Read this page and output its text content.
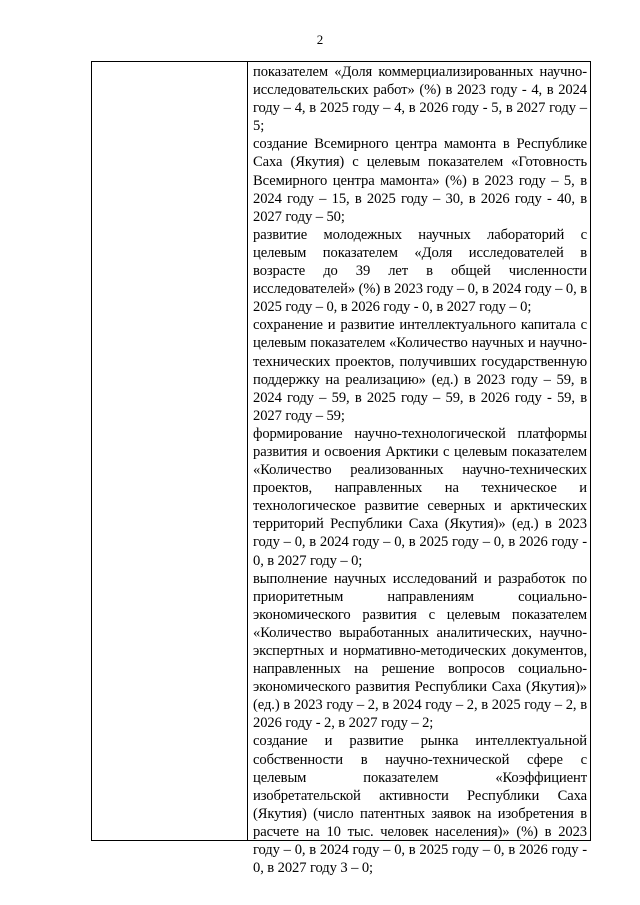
2

показателем «Доля коммерциализированных научно-исследовательских работ» (%) в 2023 году - 4, в 2024 году – 4, в 2025 году – 4, в 2026 году - 5, в 2027 году – 5;

создание Всемирного центра мамонта в Республике Саха (Якутия) с целевым показателем «Готовность Всемирного центра мамонта» (%) в 2023 году – 5, в 2024 году – 15, в 2025 году – 30, в 2026 году - 40, в 2027 году – 50;

развитие молодежных научных лабораторий с целевым показателем «Доля исследователей в возрасте до 39 лет в общей численности исследователей» (%) в 2023 году – 0, в 2024 году – 0, в 2025 году – 0, в 2026 году - 0, в 2027 году – 0;

сохранение и развитие интеллектуального капитала с целевым показателем «Количество научных и научно-технических проектов, получивших государственную поддержку на реализацию» (ед.) в 2023 году – 59, в 2024 году – 59, в 2025 году – 59, в 2026 году - 59, в 2027 году – 59;

формирование научно-технологической платформы развития и освоения Арктики с целевым показателем «Количество реализованных научно-технических проектов, направленных на техническое и технологическое развитие северных и арктических территорий Республики Саха (Якутия)» (ед.) в 2023 году – 0, в 2024 году – 0, в 2025 году – 0, в 2026 году - 0, в 2027 году – 0;

выполнение научных исследований и разработок по приоритетным направлениям социально-экономического развития с целевым показателем «Количество выработанных аналитических, научно-экспертных и нормативно-методических документов, направленных на решение вопросов социально-экономического развития Республики Саха (Якутия)» (ед.) в 2023 году – 2, в 2024 году – 2, в 2025 году – 2, в 2026 году - 2, в 2027 году – 2;

создание и развитие рынка интеллектуальной собственности в научно-технической сфере с целевым показателем «Коэффициент изобретательской активности Республики Саха (Якутия) (число патентных заявок на изобретения в расчете на 10 тыс. человек населения)» (%) в 2023 году – 0, в 2024 году – 0, в 2025 году – 0, в 2026 году - 0, в 2027 году 3 – 0;
